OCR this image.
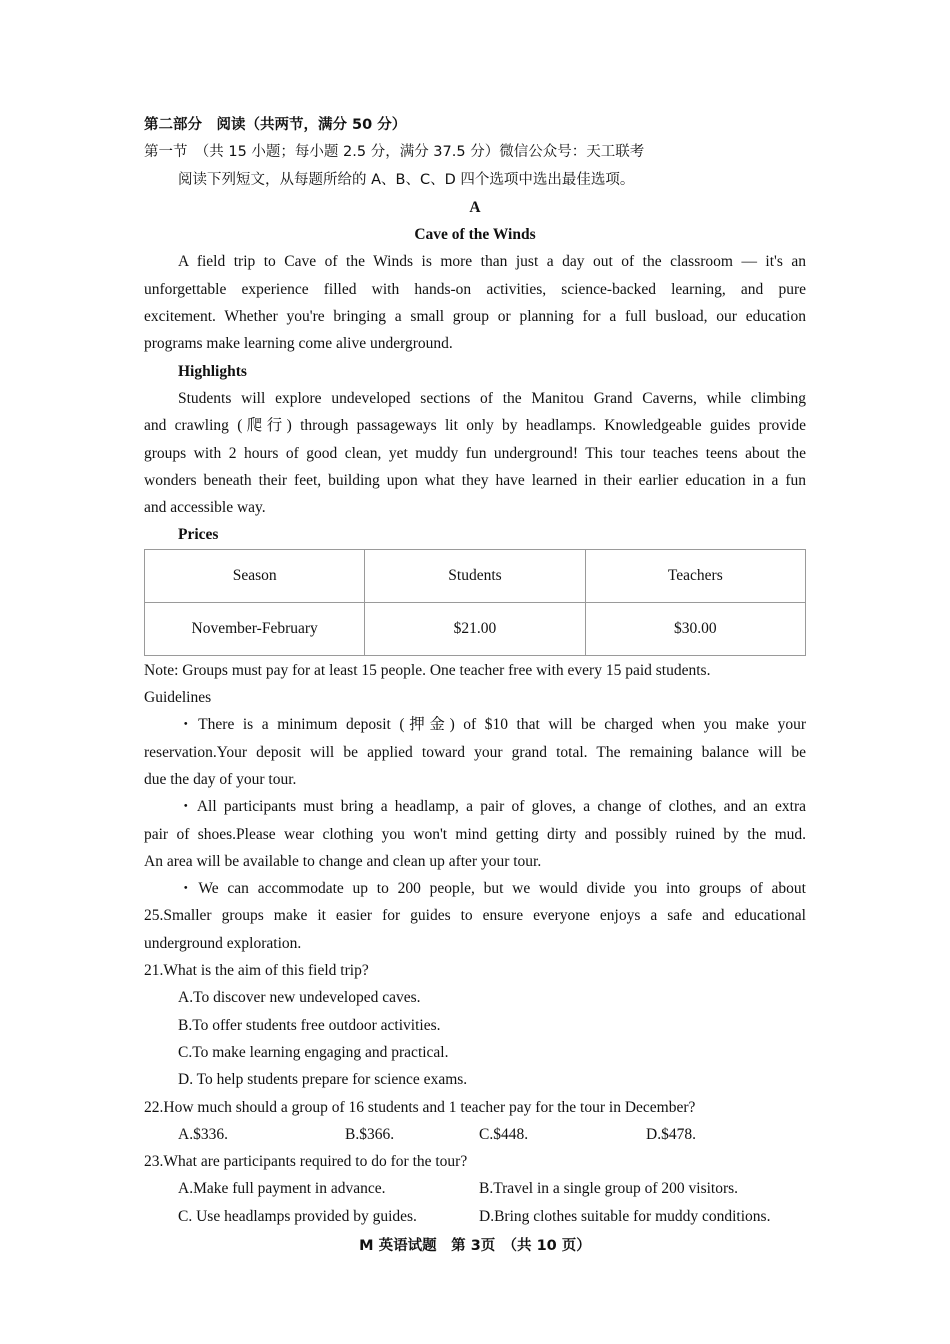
第二部分　阅读（共两节，满分 50 分）
第一节　（共 15 小题；每小题 2.5 分，满分 37.5 分）微信公众号：天工联考
阅读下列短文，从每题所给的 A、B、C、D 四个选项中选出最佳选项。
A
Cave of the Winds
A field trip to Cave of the Winds is more than just a day out of the classroom — it's an
unforgettable experience filled with hands-on activities, science-backed learning, and pure
excitement. Whether you're bringing a small group or planning for a full busload, our education
programs make learning come alive underground.
Highlights
Students will explore undeveloped sections of the Manitou Grand Caverns, while climbing
and crawling (爬行) through passageways lit only by headlamps. Knowledgeable guides provide
groups with 2 hours of good clean, yet muddy fun underground! This tour teaches teens about the
wonders beneath their feet, building upon what they have learned in their earlier education in a fun
and accessible way.
Prices
Season	Students	Teachers
November-February	$21.00	$30.00
Note: Groups must pay for at least 15 people. One teacher free with every 15 paid students.
Guidelines
・There is a minimum deposit (押金) of $10 that will be charged when you make your
reservation.Your deposit will be applied toward your grand total. The remaining balance will be
due the day of your tour.
・All participants must bring a headlamp, a pair of gloves, a change of clothes, and an extra
pair of shoes.Please wear clothing you won't mind getting dirty and possibly ruined by the mud.
An area will be available to change and clean up after your tour.
・We can accommodate up to 200 people, but we would divide you into groups of about
25.Smaller groups make it easier for guides to ensure everyone enjoys a safe and educational
underground exploration.
21.What is the aim of this field trip?
A.To discover new undeveloped caves.
B.To offer students free outdoor activities.
C.To make learning engaging and practical.
D. To help students prepare for science exams.
22.How much should a group of 16 students and 1 teacher pay for the tour in December?
A.$336.	B.$366.	C.$448.	D.$478.
23.What are participants required to do for the tour?
A.Make full payment in advance.	B.Travel in a single group of 200 visitors.
C. Use headlamps provided by guides.	D.Bring clothes suitable for muddy conditions.
M 英语试题　第 3页　（共 10 页）
